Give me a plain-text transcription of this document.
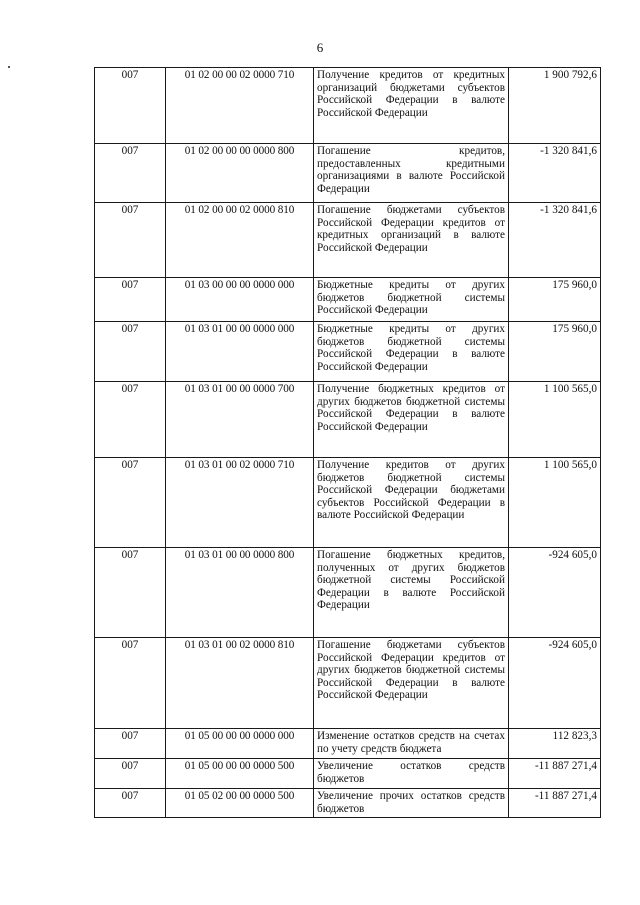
6
007	01 02 00 00 02 0000 710	Получение кредитов от кредитных организаций бюджетами субъектов Российской Федерации в валюте Российской Федерации	1 900 792,6
007	01 02 00 00 00 0000 800	Погашение кредитов, предоставленных кредитными организациями в валюте Российской Федерации	-1 320 841,6
007	01 02 00 00 02 0000 810	Погашение бюджетами субъектов Российской Федерации кредитов от кредитных организаций в валюте Российской Федерации	-1 320 841,6
007	01 03 00 00 00 0000 000	Бюджетные кредиты от других бюджетов бюджетной системы Российской Федерации	175 960,0
007	01 03 01 00 00 0000 000	Бюджетные кредиты от других бюджетов бюджетной системы Российской Федерации в валюте Российской Федерации	175 960,0
007	01 03 01 00 00 0000 700	Получение бюджетных кредитов от других бюджетов бюджетной системы Российской Федерации в валюте Российской Федерации	1 100 565,0
007	01 03 01 00 02 0000 710	Получение кредитов от других бюджетов бюджетной системы Российской Федерации бюджетами субъектов Российской Федерации в валюте Российской Федерации	1 100 565,0
007	01 03 01 00 00 0000 800	Погашение бюджетных кредитов, полученных от других бюджетов бюджетной системы Российской Федерации в валюте Российской Федерации	-924 605,0
007	01 03 01 00 02 0000 810	Погашение бюджетами субъектов Российской Федерации кредитов от других бюджетов бюджетной системы Российской Федерации в валюте Российской Федерации	-924 605,0
007	01 05 00 00 00 0000 000	Изменение остатков средств на счетах по учету средств бюджета	112 823,3
007	01 05 00 00 00 0000 500	Увеличение остатков средств бюджетов	-11 887 271,4
007	01 05 02 00 00 0000 500	Увеличение прочих остатков средств бюджетов	-11 887 271,4
